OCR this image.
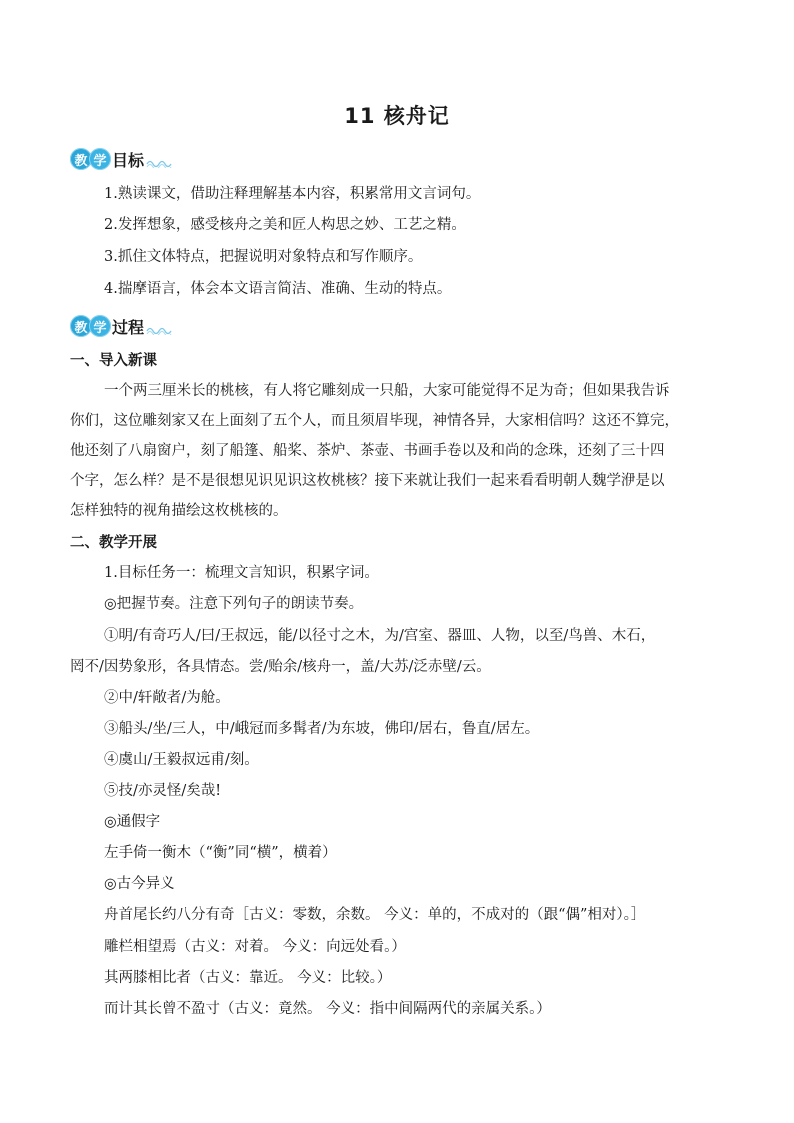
11 核舟记
教 学 目标
1.熟读课文，借助注释理解基本内容，积累常用文言词句。
2.发挥想象，感受核舟之美和匠人构思之妙、工艺之精。
3.抓住文体特点，把握说明对象特点和写作顺序。
4.揣摩语言，体会本文语言简洁、准确、生动的特点。
教 学 过程
一、导入新课
一个两三厘米长的桃核，有人将它雕刻成一只船，大家可能觉得不足为奇；但如果我告诉
你们，这位雕刻家又在上面刻了五个人，而且须眉毕现，神情各异，大家相信吗？这还不算完，
他还刻了八扇窗户，刻了船篷、船桨、茶炉、茶壶、书画手卷以及和尚的念珠，还刻了三十四
个字，怎么样？是不是很想见识见识这枚桃核？接下来就让我们一起来看看明朝人魏学洢是以
怎样独特的视角描绘这枚桃核的。
二、教学开展
1.目标任务一：梳理文言知识，积累字词。
◎把握节奏。注意下列句子的朗读节奏。
①明/有奇巧人/曰/王叔远，能/以径寸之木，为/宫室、器皿、人物，以至/鸟兽、木石，
罔不/因势象形，各具情态。尝/贻余/核舟一，盖/大苏/泛赤壁/云。
②中/轩敞者/为舱。
③船头/坐/三人，中/峨冠而多髯者/为东坡，佛印/居右，鲁直/居左。
④虞山/王毅叔远甫/刻。
⑤技/亦灵怪/矣哉!
◎通假字
左手倚一衡木（“衡”同“横”，横着）
◎古今异义
舟首尾长约八分有奇［古义：零数，余数。 今义：单的，不成对的（跟“偶”相对）。］
雕栏相望焉（古义：对着。 今义：向远处看。）
其两膝相比者（古义：靠近。 今义：比较。）
而计其长曾不盈寸（古义：竟然。 今义：指中间隔两代的亲属关系。）
